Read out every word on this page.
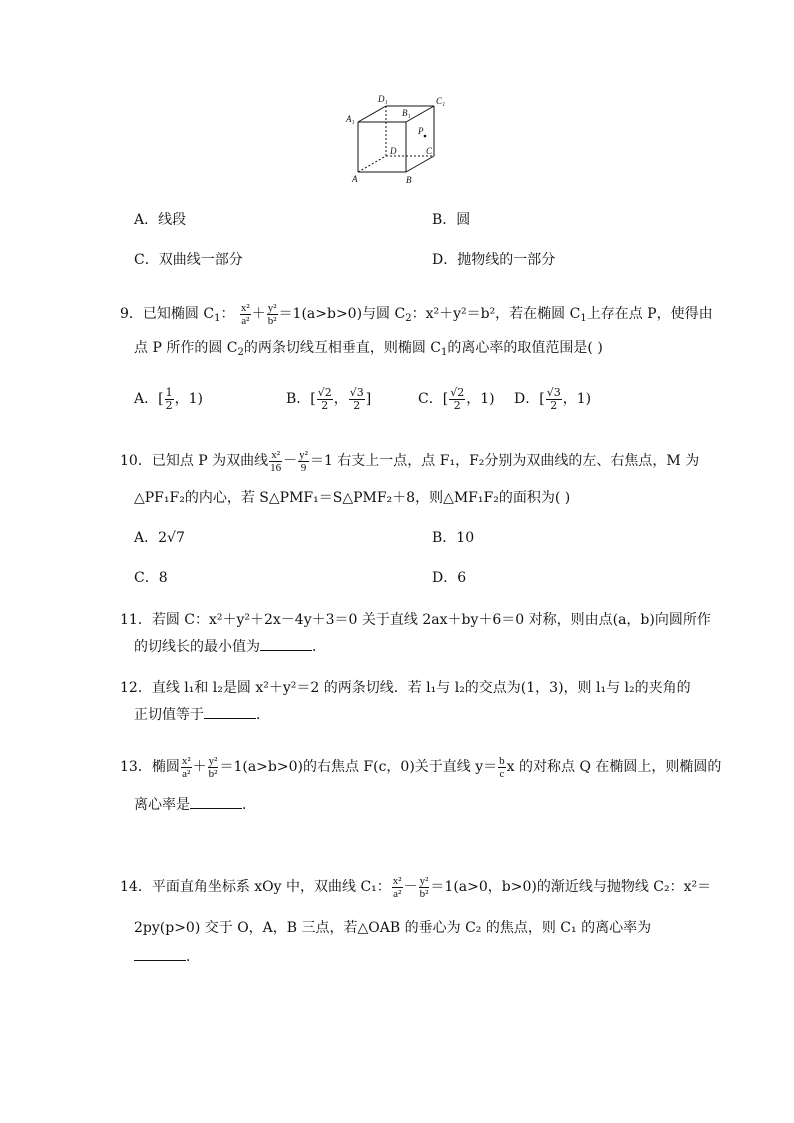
D₁	C₁
A₁
B₁
P
D	C
A	B
A．线段	B．圆
C．双曲线一部分	D．抛物线的一部分
9．已知椭圆 $C_1$： $\frac{\text{x²}}{\text{a²}} + \frac{\text{y²}}{\text{b²}} =1(a>b>0)$与圆 $C_2$：x²＋y²＝b²，若在椭圆 $C_1$上存在点 P，使得由
点 P 所作的圆 $C_2$的两条切线互相垂直，则椭圆 $C_1$的离心率的取值范围是( )
A．[ $\frac{1}{2}$ ，1)	B．[ $\frac{√2}{2}$ ， $\frac{√3}{2}$ ]	C．[ $\frac{√2}{2}$ ，1) D．[ $\frac{√3}{2}$ ，1)
10．已知点 P 为双曲线 $\frac{\text{x²}}{16} - \frac{\text{y²}}{9} =1$ 右支上一点，点 F₁，F₂分别为双曲线的左、右焦点，M 为
△PF₁F₂的内心，若 S△PMF₁＝S△PMF₂＋8，则△MF₁F₂的面积为( )
A．2√7	B．10
C．8	D．6
11．若圆 C：x²＋y²＋2x－4y＋3＝0 关于直线 2ax＋by＋6＝0 对称，则由点(a，b)向圆所作
的切线长的最小值为	．
12．直线 l₁和 l₂是圆 x²＋y²＝2 的两条切线．若 l₁与 l₂的交点为(1，3)，则 l₁与 l₂的夹角的
正切值等于	．
13．椭圆 $\frac{\text{x²}}{\text{a²}} + \frac{\text{y²}}{\text{b²}} =1(a>b>0)$的右焦点 F(c，0)关于直线 $y= \frac{b}{c}$ x 的对称点 Q 在椭圆上，则椭圆的
离心率是	．
14．平面直角坐标系 xOy 中，双曲线 C₁： $\frac{\text{x²}}{\text{a²}} - \frac{\text{y²}}{\text{b²}} =1(a>0$，b>0)的渐近线与抛物线 C₂：x²＝
2py(p>0) 交于 O，A，B 三点，若△OAB 的垂心为 C₂ 的焦点，则 C₁ 的离心率为
．
